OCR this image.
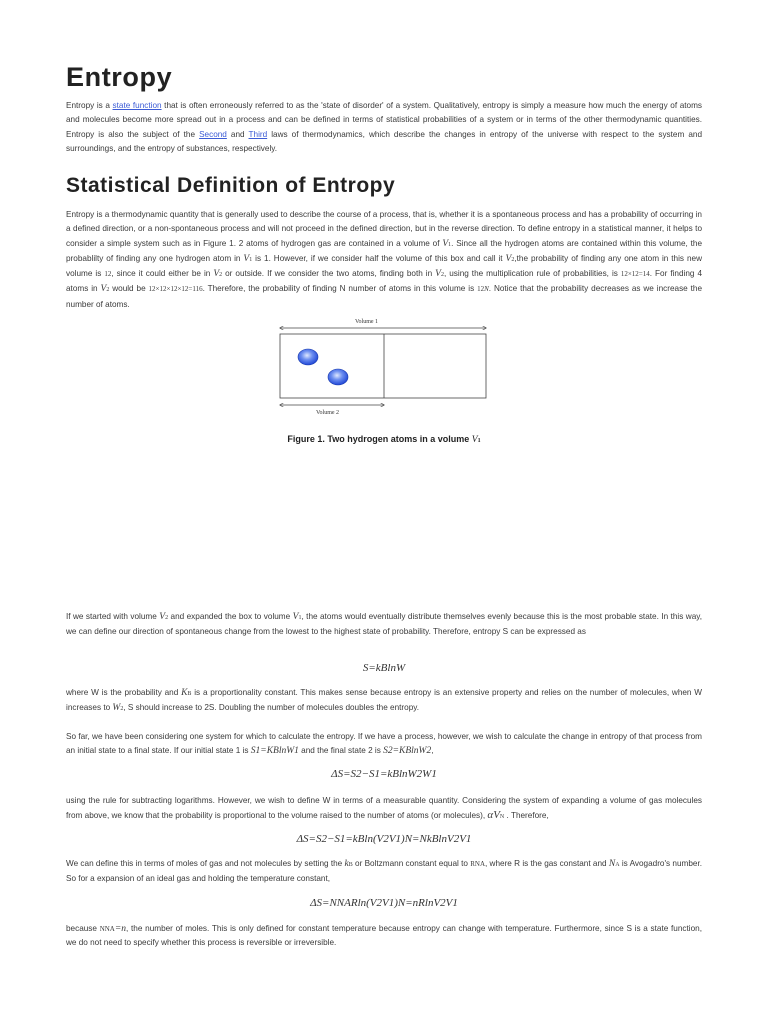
Entropy

Entropy is a state function that is often erroneously referred to as the 'state of disorder' of a system. Qualitatively, entropy is simply a measure how much the energy of atoms and molecules become more spread out in a process and can be defined in terms of statistical probabilities of a system or in terms of the other thermodynamic quantities. Entropy is also the subject of the Second and Third laws of thermodynamics, which describe the changes in entropy of the universe with respect to the system and surroundings, and the entropy of substances, respectively.

Statistical Definition of Entropy

Entropy is a thermodynamic quantity that is generally used to describe the course of a process, that is, whether it is a spontaneous process and has a probability of occurring in a defined direction, or a non-spontaneous process and will not proceed in the defined direction, but in the reverse direction. To define entropy in a statistical manner, it helps to consider a simple system such as in Figure 1. 2 atoms of hydrogen gas are contained in a volume of V1. Since all the hydrogen atoms are contained within this volume, the probablilty of finding any one hydrogen atom in V1 is 1. However, if we consider half the volume of this box and call it V2,the probability of finding any one atom in this new volume is 12, since it could either be in V2 or outside. If we consider the two atoms, finding both in V2, using the multiplication rule of probabilities, is 12×12=14. For finding 4 atoms in V2 would be 12×12×12×12=116. Therefore, the probability of finding N number of atoms in this volume is 12N. Notice that the probability decreases as we increase the number of atoms.

Volume 1
Volume 2
Figure 1. Two hydrogen atoms in a volume V1

If we started with volume V2 and expanded the box to volume V1, the atoms would eventually distribute themselves evenly because this is the most probable state. In this way, we can define our direction of spontaneous change from the lowest to the highest state of probability. Therefore, entropy S can be expressed as

S=kBlnW

where W is the probability and KB is a proportionality constant. This makes sense because entropy is an extensive property and relies on the number of molecules, when W increases to W2, S should increase to 2S. Doubling the number of molecules doubles the entropy.

So far, we have been considering one system for which to calculate the entropy. If we have a process, however, we wish to calculate the change in entropy of that process from an initial state to a final state. If our initial state 1 is S1=KBlnW1 and the final state 2 is S2=KBlnW2,

ΔS=S2−S1=kBlnW2W1

using the rule for subtracting logarithms. However, we wish to define W in terms of a measurable quantity. Considering the system of expanding a volume of gas molecules from above, we know that the probability is proportional to the volume raised to the number of atoms (or molecules), αVN . Therefore,

ΔS=S2−S1=kBln(V2V1)N=NkBlnV2V1

We can define this in terms of moles of gas and not molecules by setting the kB or Boltzmann constant equal to RNA, where R is the gas constant and NA is Avogadro's number. So for a expansion of an ideal gas and holding the temperature constant,

ΔS=NNARln(V2V1)N=nRlnV2V1

because NNA=n, the number of moles. This is only defined for constant temperature because entropy can change with temperature. Furthermore, since S is a state function, we do not need to specify whether this process is reversible or irreversible.
